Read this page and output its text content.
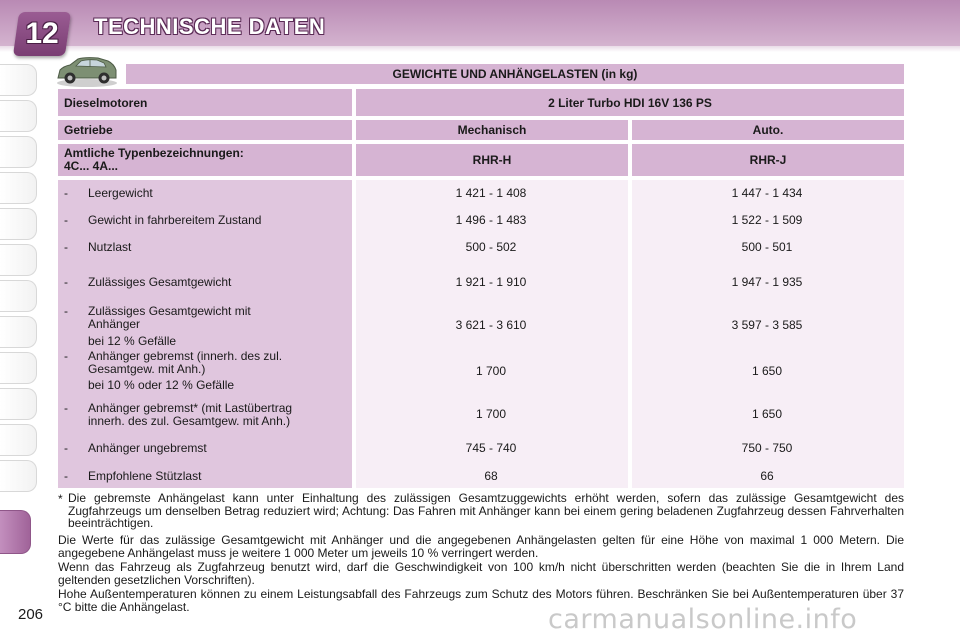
12	TECHNISCHE DATEN
GEWICHTE UND ANHÄNGELASTEN (in kg)
Dieselmotoren	2 Liter Turbo HDI 16V 136 PS
Getriebe	Mechanisch	Auto.
Amtliche Typenbezeichnungen:
4C... 4A...	RHR-H	RHR-J
- Leergewicht	1 421 - 1 408	1 447 - 1 434
- Gewicht in fahrbereitem Zustand	1 496 - 1 483	1 522 - 1 509
- Nutzlast	500 - 502	500 - 501
- Zulässiges Gesamtgewicht	1 921 - 1 910	1 947 - 1 935
- Zulässiges Gesamtgewicht mit
Anhänger
bei 12 % Gefälle
3 621 - 3 610	3 597 - 3 585
- Anhänger gebremst (innerh. des zul.
Gesamtgew. mit Anh.)
bei 10 % oder 12 % Gefälle
1 700	1 650
- Anhänger gebremst* (mit Lastübertrag
innerh. des zul. Gesamtgew. mit Anh.)	1 700	1 650
- Anhänger ungebremst	745 - 740	750 - 750
- Empfohlene Stützlast	68	66
* Die gebremste Anhängelast kann unter Einhaltung des zulässigen Gesamtzuggewichts erhöht werden, sofern das zulässige Gesamtgewicht des Zugfahrzeugs um denselben Betrag reduziert wird; Achtung: Das Fahren mit Anhänger kann bei einem gering beladenen Zugfahrzeug dessen Fahrverhalten beeinträchtigen.
Die Werte für das zulässige Gesamtgewicht mit Anhänger und die angegebenen Anhängelasten gelten für eine Höhe von maximal 1 000 Metern. Die angegebene Anhängelast muss je weitere 1 000 Meter um jeweils 10 % verringert werden.
Wenn das Fahrzeug als Zugfahrzeug benutzt wird, darf die Geschwindigkeit von 100 km/h nicht überschritten werden (beachten Sie die in Ihrem Land geltenden gesetzlichen Vorschriften).
Hohe Außentemperaturen können zu einem Leistungsabfall des Fahrzeugs zum Schutz des Motors führen. Beschränken Sie bei Außentemperaturen über 37 °C bitte die Anhängelast.
206	carmanualsonline.info
